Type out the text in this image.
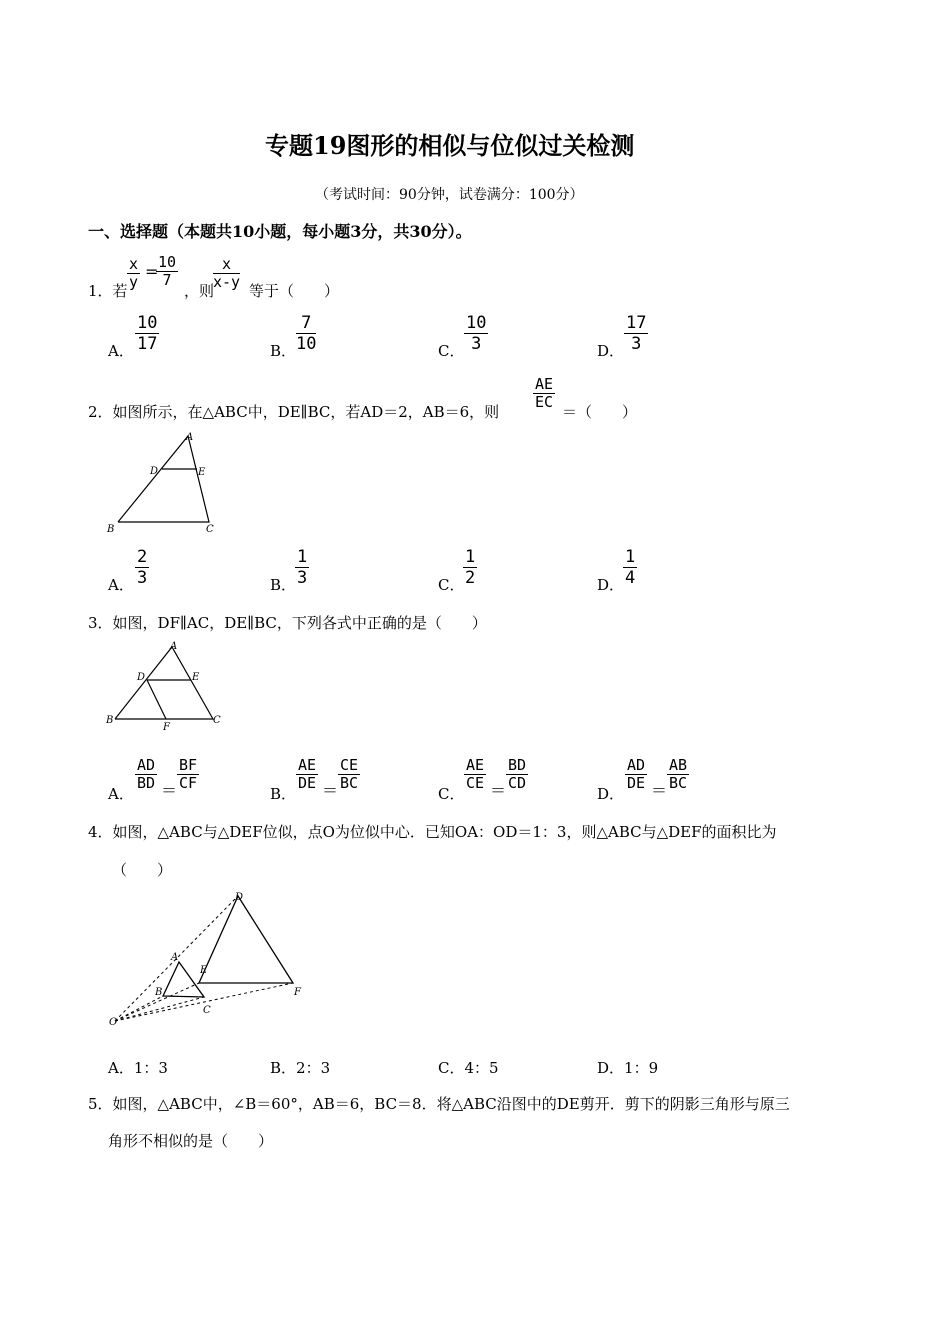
专题19图形的相似与位似过关检测
（考试时间：90分钟，试卷满分：100分）
一、选择题（本题共10小题，每小题3分，共30分）。
1．若 $\frac{x}{y}$ =
$\frac{10}{7}$
，则
$\frac{x}{x-y}$ 等于（　　）
A． $\frac{10}{17}$	B． $\frac{7}{10}$	C． $\frac{10}{3}$	D． $\frac{17}{3}$
2．如图所示，在△ABC中，DE∥BC，若AD＝2，AB＝6，则
$\frac{AE}{EC}$
＝（　　）
A
D	E
B	C
A． $\frac{2}{3}$	B．
$\frac{1}{3}$	C．
$\frac{1}{2}$	D．
$\frac{1}{4}$
3．如图，DF∥AC，DE∥BC，下列各式中正确的是（　　）
A
D	E
B
F
C
A．
$\frac{AD}{BD} = \frac{BF}{CF}$
B．
$\frac{AE}{DE} = \frac{CE}{BC}$
C．
$\frac{AE}{CE} = \frac{BD}{CD}$
D．
$\frac{AD}{DE} = \frac{AB}{BC}$
4．如图，△ABC与△DEF位似，点O为位似中心．已知OA：OD＝1：3，则△ABC与△DEF的面积比为
（　　）
D
A
E
B	F
C
O
A．1：3	B．2：3	C．4：5	D．1：9
5．如图，△ABC中，∠B＝60°，AB＝6，BC＝8．将△ABC沿图中的DE剪开．剪下的阴影三角形与原三
角形不相似的是（　　）
